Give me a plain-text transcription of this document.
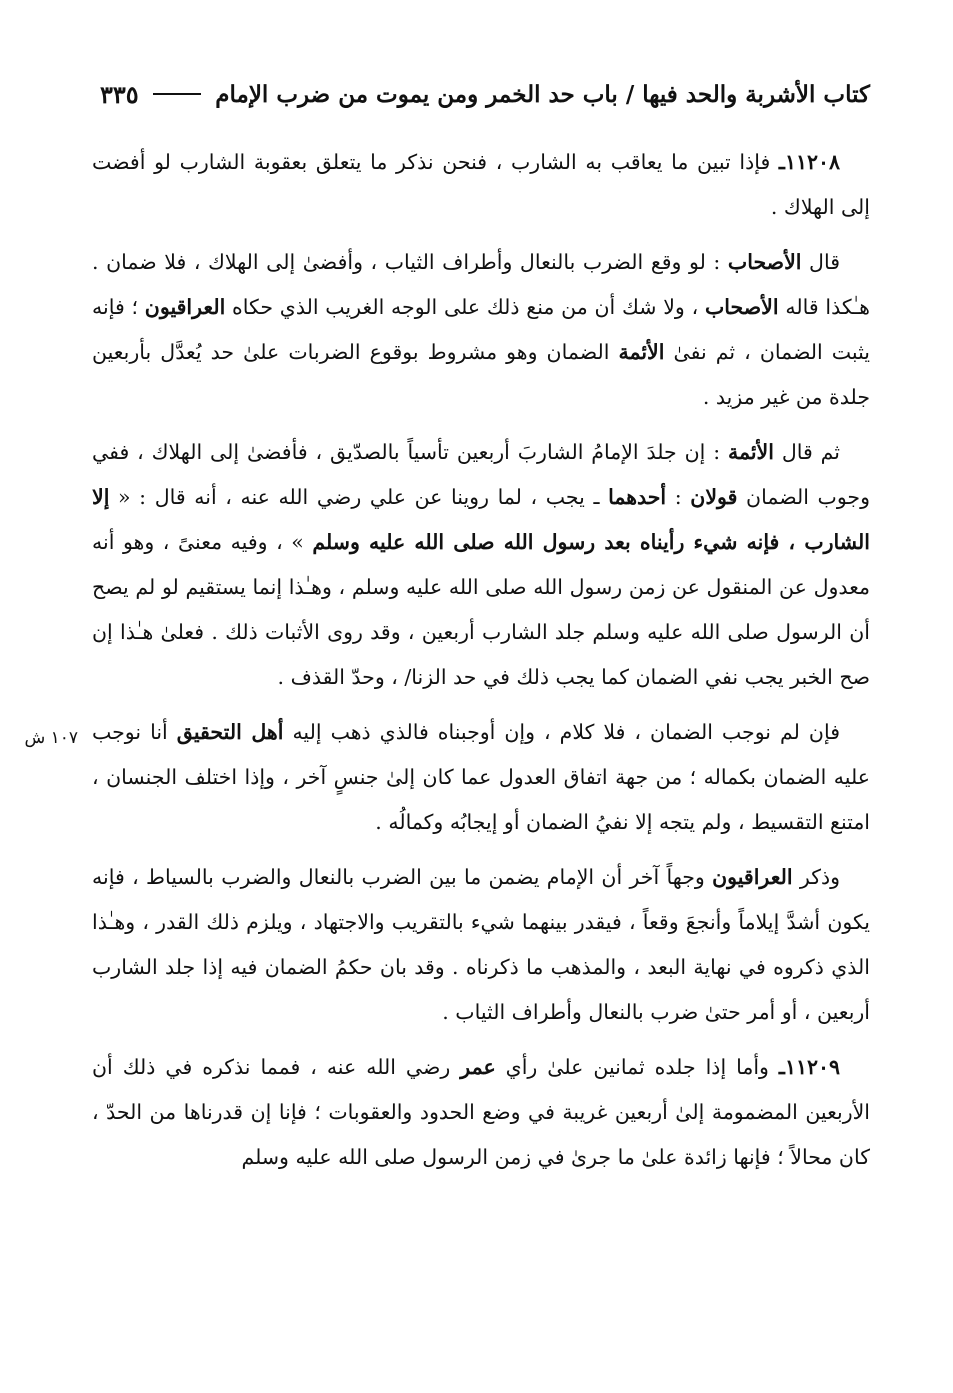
كتاب الأشربة والحد فيها / باب حد الخمر ومن يموت من ضرب الإمام
٣٣٥
١٠٧ ش

١١٢٠٨ـ فإذا تبين ما يعاقب به الشارب ، فنحن نذكر ما يتعلق بعقوبة الشارب لو أفضت إلى الهلاك .

قال الأصحاب : لو وقع الضرب بالنعال وأطراف الثياب ، وأفضىٰ إلى الهلاك ، فلا ضمان . هـٰكذا قاله الأصحاب ، ولا شك أن من منع ذلك على الوجه الغريب الذي حكاه العراقيون ؛ فإنه يثبت الضمان ، ثم نفىٰ الأئمة الضمان وهو مشروط بوقوع الضربات علىٰ حد يُعدَّل بأربعين جلدة من غير مزيد .

ثم قال الأئمة : إن جلدَ الإمامُ الشاربَ أربعين تأسياً بالصدّيق ، فأفضىٰ إلى الهلاك ، ففي وجوب الضمان قولان : أحدهما ـ يجب ، لما روينا عن علي رضي الله عنه ، أنه قال : « إلا الشارب ، فإنه شيء رأيناه بعد رسول الله صلى الله عليه وسلم » ، وفيه معنىً ، وهو أنه معدول عن المنقول عن زمن رسول الله صلى الله عليه وسلم ، وهـٰذا إنما يستقيم لو لم يصح أن الرسول صلى الله عليه وسلم جلد الشارب أربعين ، وقد روى الأثبات ذلك . فعلىٰ هـٰذا إن صح الخبر يجب نفي الضمان كما يجب ذلك في حد الزنا/ ، وحدّ القذف .

فإن لم نوجب الضمان ، فلا كلام ، وإن أوجبناه فالذي ذهب إليه أهل التحقيق أنا نوجب عليه الضمان بكماله ؛ من جهة اتفاق العدول عما كان إلىٰ جنسٍ آخر ، وإذا اختلف الجنسان ، امتنع التقسيط ، ولم يتجه إلا نفيُ الضمان أو إيجابُه وكمالُه .

وذكر العراقيون وجهاً آخر أن الإمام يضمن ما بين الضرب بالنعال والضرب بالسياط ، فإنه يكون أشدَّ إيلاماً وأنجعَ وقعاً ، فيقدر بينهما شيء بالتقريب والاجتهاد ، ويلزم ذلك القدر ، وهـٰذا الذي ذكروه في نهاية البعد ، والمذهب ما ذكرناه . وقد بان حكمُ الضمان فيه إذا جلد الشارب أربعين ، أو أمر حتىٰ ضرب بالنعال وأطراف الثياب .

١١٢٠٩ـ وأما إذا جلده ثمانين علىٰ رأي عمر رضي الله عنه ، فمما نذكره في ذلك أن الأربعين المضمومة إلىٰ أربعين غريبة في وضع الحدود والعقوبات ؛ فإنا إن قدرناها من الحدّ ، كان محالاً ؛ فإنها زائدة علىٰ ما جرىٰ في زمن الرسول صلى الله عليه وسلم
